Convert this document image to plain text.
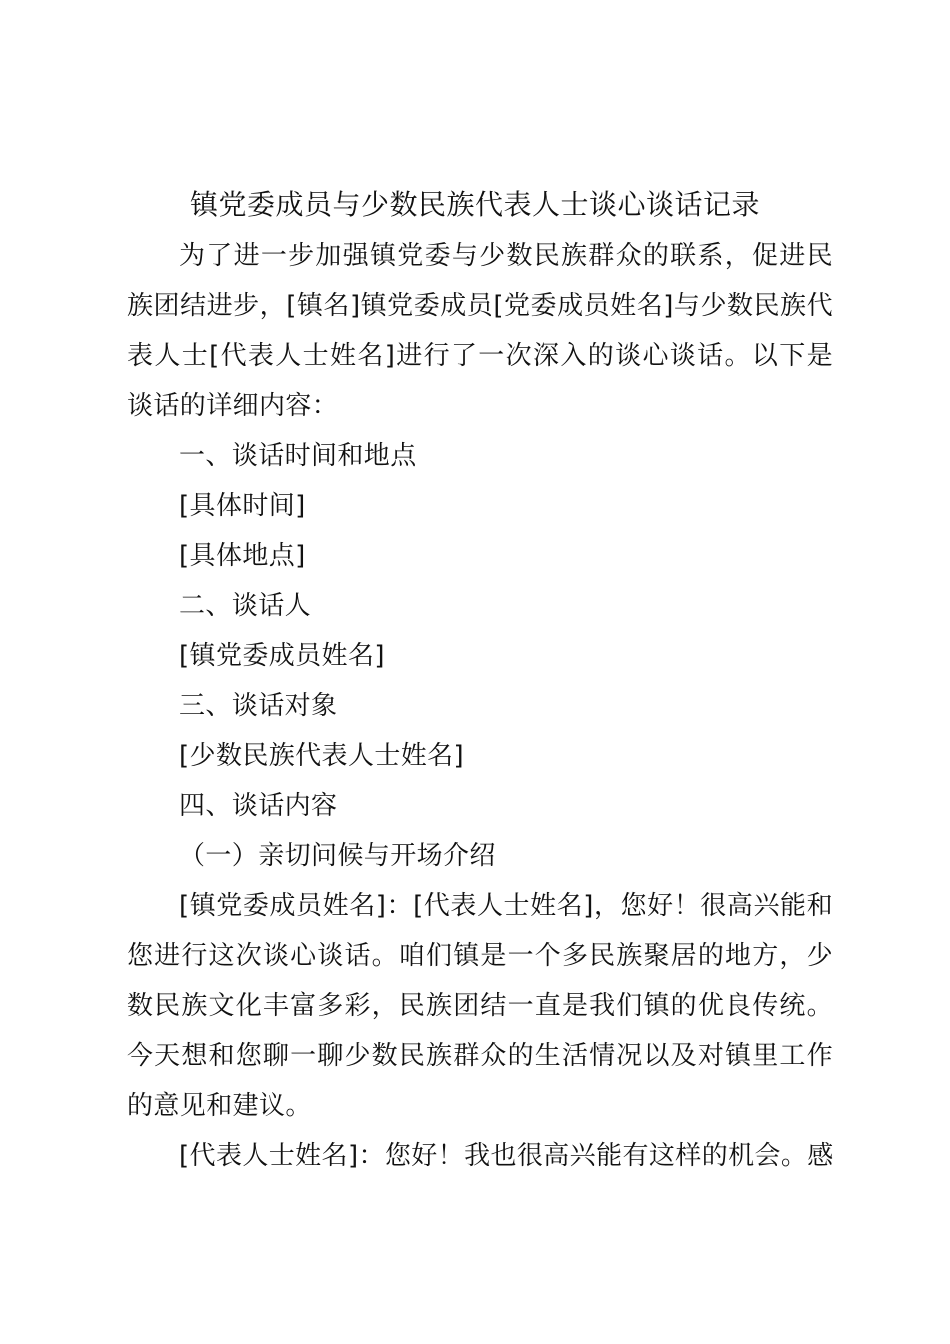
镇党委成员与少数民族代表人士谈心谈话记录

为了进一步加强镇党委与少数民族群众的联系，促进民族团结进步，[镇名]镇党委成员[党委成员姓名]与少数民族代表人士[代表人士姓名]进行了一次深入的谈心谈话。以下是谈话的详细内容：

一、谈话时间和地点

[具体时间]

[具体地点]

二、谈话人

[镇党委成员姓名]

三、谈话对象

[少数民族代表人士姓名]

四、谈话内容

（一）亲切问候与开场介绍

[镇党委成员姓名]：[代表人士姓名]，您好！很高兴能和您进行这次谈心谈话。咱们镇是一个多民族聚居的地方，少数民族文化丰富多彩，民族团结一直是我们镇的优良传统。今天想和您聊一聊少数民族群众的生活情况以及对镇里工作的意见和建议。

[代表人士姓名]：您好！我也很高兴能有这样的机会。感
